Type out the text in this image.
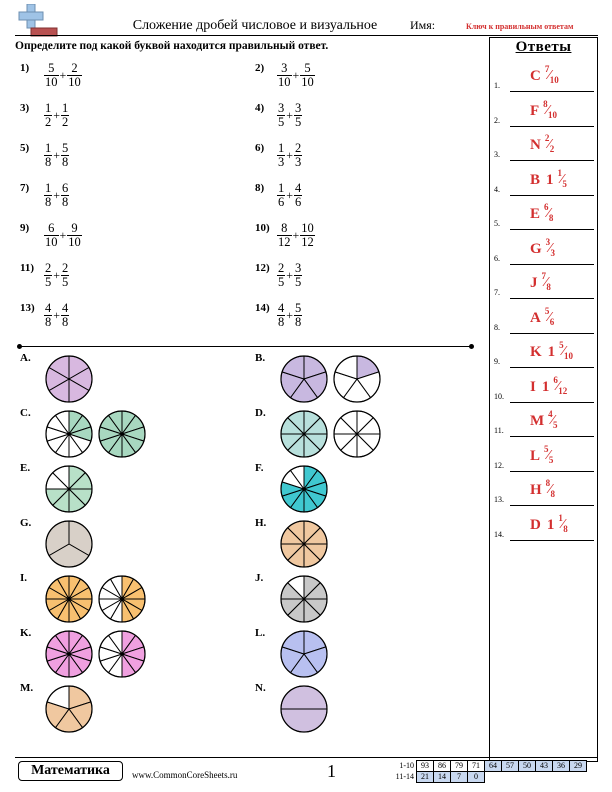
Сложение дробей числовое и визуальное	Имя:	Ключ к правильным ответам
Определите под какой буквой находится правильный ответ.	Ответы
1)	$\frac{5}{10} + \frac{2}{10}$	2)	$\frac{3}{10} + \frac{5}{10}$
3)	$\frac{1}{2} + \frac{1}{2}$	4)	$\frac{3}{5} + \frac{3}{5}$
5)	$\frac{1}{8} + \frac{5}{8}$	6)	$\frac{1}{3} + \frac{2}{3}$
7)	$\frac{1}{8} + \frac{6}{8}$	8)	$\frac{1}{6} + \frac{4}{6}$
9)	$\frac{6}{10} + \frac{9}{10}$	$10) \frac{8}{12} + \frac{10}{12}$
$11) \frac{2}{5} + \frac{2}{5}$	$12) \frac{2}{5} + \frac{3}{5}$
$13) \frac{4}{8} + \frac{4}{8}$	$14) \frac{4}{8} + \frac{5}{8}$
A.	B.
C.	D.
E.	F.
G.	H.
I.	J.
K.	L.
M.	N.
1.
C 7 ⁄ 10
2.
F 8 ⁄ 10
3.
N 2 ⁄ 2
4.
B 1 1 ⁄ 5
5.
E 6 ⁄ 8
6.
G 3 ⁄ 3
7.
J 7 ⁄ 8
8.
A 5 ⁄ 6
9.
K 1 5 ⁄ 10
10.
I 1 6 ⁄ 12
11.
M 4 ⁄ 5
12.
L 5 ⁄ 5
13.
H 8 ⁄ 8
14.
D 1 1 ⁄ 8
Математика	www.CommonCoreSheets.ru	1	1-10	93	86	79	71	64	57	50	43	36	29
11-14	21	14	7	0						
